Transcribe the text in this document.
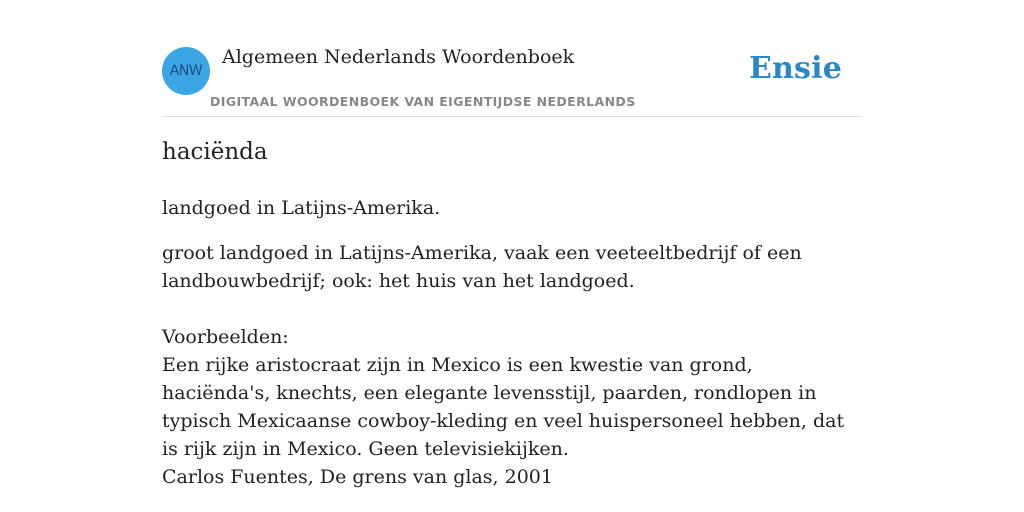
ANW
Algemeen Nederlands Woordenboek
DIGITAAL WOORDENBOEK VAN EIGENTIJDSE NEDERLANDS
Ensie
haciënda
landgoed in Latijns-Amerika.
groot landgoed in Latijns-Amerika, vaak een veeteeltbedrijf of een landbouwbedrijf; ook: het huis van het landgoed.

Voorbeelden:

Een rijke aristocraat zijn in Mexico is een kwestie van grond, haciënda's, knechts, een elegante levensstijl, paarden, rondlopen in typisch Mexicaanse cowboy-kleding en veel huispersoneel hebben, dat is rijk zijn in Mexico. Geen televisiekijken.

Carlos Fuentes, De grens van glas, 2001
